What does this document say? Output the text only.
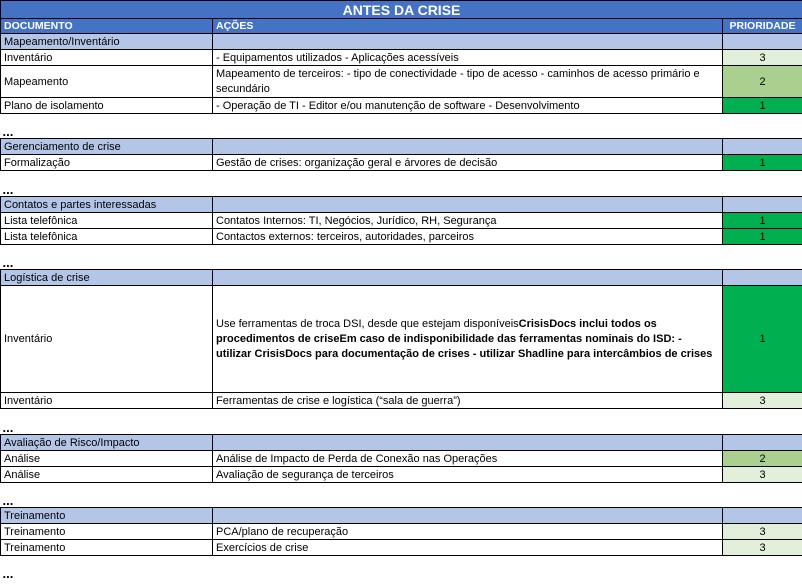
ANTES DA CRISE		
DOCUMENTO	AÇÕES	PRIORIDADE
Mapeamento/Inventário		
Inventário	- Equipamentos utilizados - Aplicações acessíveis	3
Mapeamento	Mapeamento de terceiros: - tipo de conectividade - tipo de acesso - caminhos de acesso primário e secundário	2
Plano de isolamento	- Operação de TI - Editor e/ou manutenção de software - Desenvolvimento	1
...		
Gerenciamento de crise		
Formalização	Gestão de crises: organização geral e árvores de decisão	1
...		
Contatos e partes interessadas		
Lista telefônica	Contatos Internos: TI, Negócios, Jurídico, RH, Segurança	1
Lista telefônica	Contactos externos: terceiros, autoridades, parceiros	1
...		
Logística de crise		
Inventário	Use ferramentas de troca DSI, desde que estejam disponíveisCrisisDocs inclui todos os procedimentos de criseEm caso de indisponibilidade das ferramentas nominais do ISD: - utilizar CrisisDocs para documentação de crises - utilizar Shadline para intercâmbios de crises	1
Inventário	Ferramentas de crise e logística (“sala de guerra”)	3
...		
Avaliação de Risco/Impacto		
Análise	Análise de Impacto de Perda de Conexão nas Operações	2
Análise	Avaliação de segurança de terceiros	3
...		
Treinamento		
Treinamento	PCA/plano de recuperação	3
Treinamento	Exercícios de crise	3
...		
